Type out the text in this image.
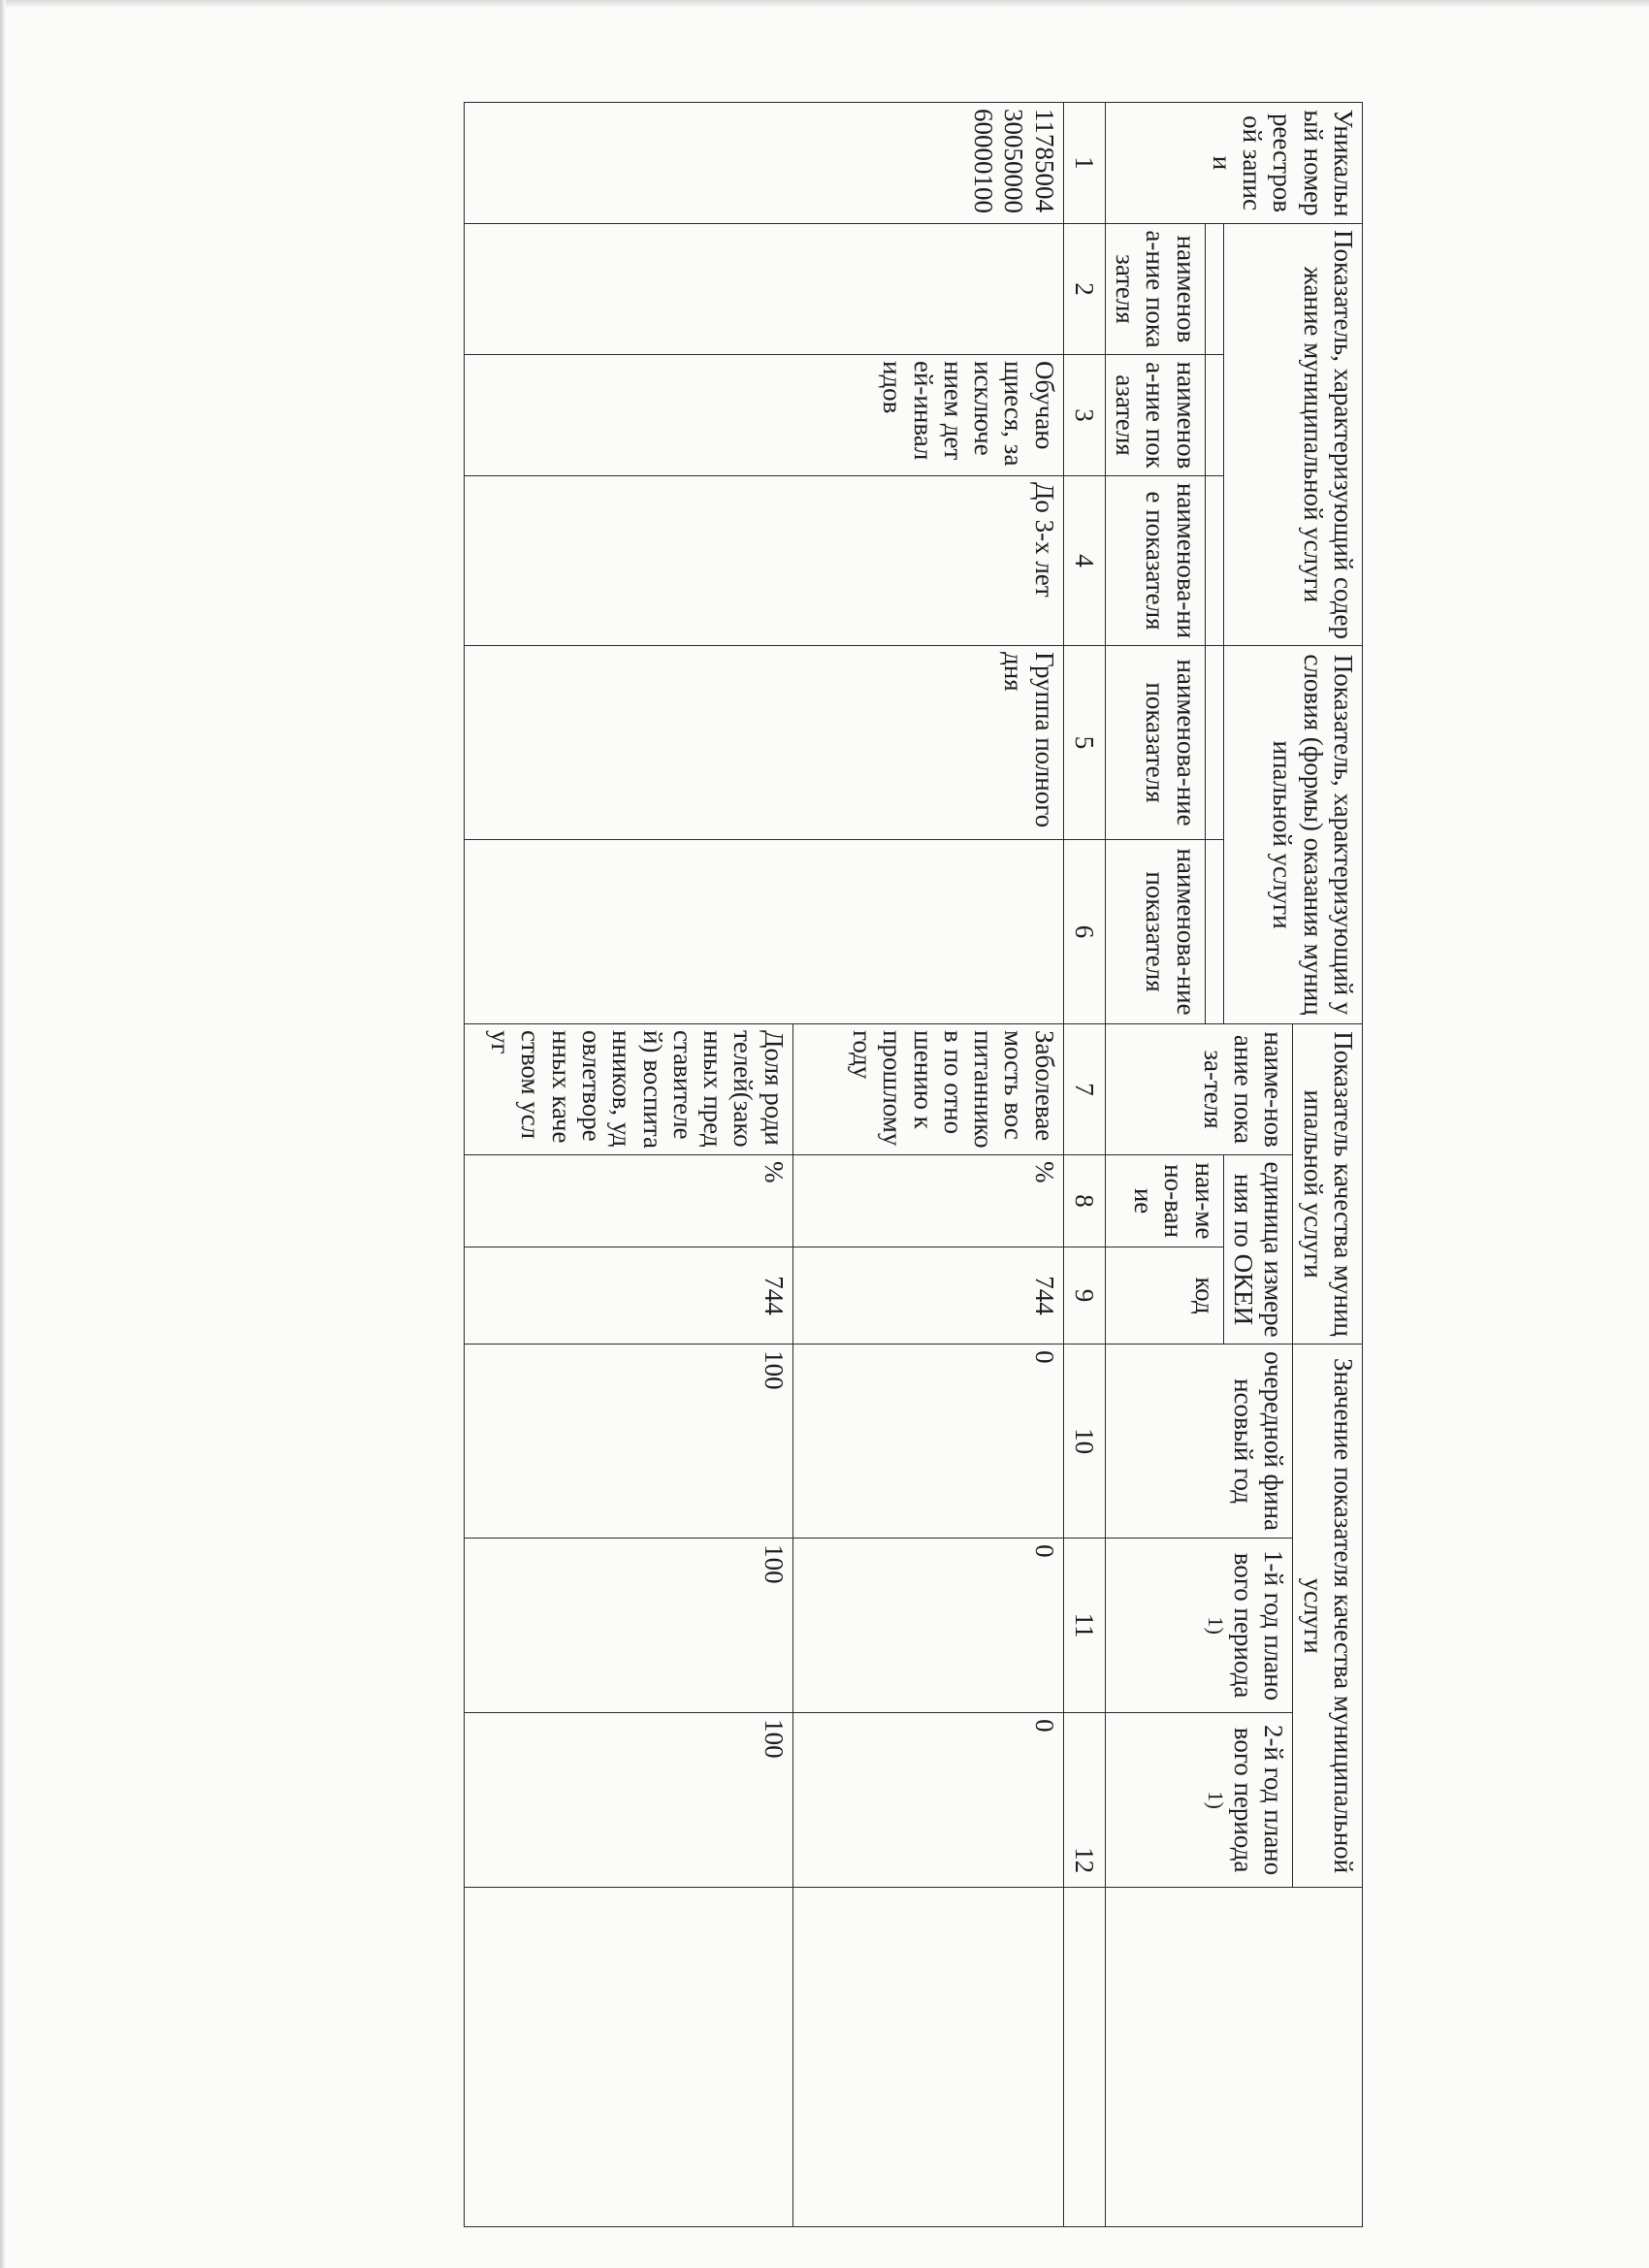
Уникальный номер реестровой записи	Показатель, характеризующий содержание муниципальной услуги			Показатель, характеризующий условия (формы) оказания муниципальной услуги		Показатель качества муниципальной услуги			Значение показателя качества муниципальной услуги			
						наиме-нование показа-теля	единица измерения по ОКЕИ		очередной финансовый год	1-й год планового периода $^{1)}$	2-й год планового периода $^{1)}$
							наи-мено-вание	код				
	наименова-ние показателя	наименова-ние показателя	наименова-ние показателя	наименова-ние показателя	наименова-ние показателя							
1	2	3	4	5	6	7	8	9	10	11	12	
117850043005000060000100		Обучающиеся, за исключением детей-инвалидов	До 3-х лет	Группа полного дня		Заболеваемость воспитанников по отношению к прошлому году	%	744	0	0	0	
						Доля родителей(законных представителей) воспитанников, удовлетворенных качеством услуг	%	744	100	100	100	
